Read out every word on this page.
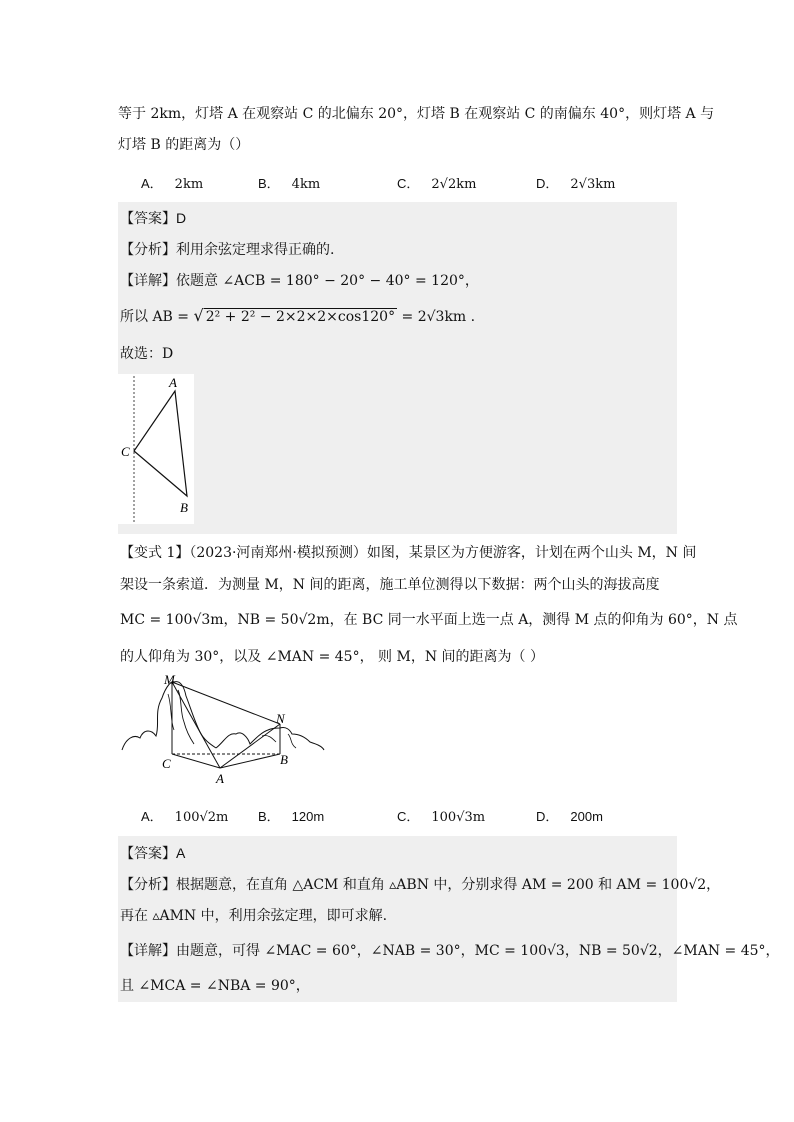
等于 2km，灯塔 A 在观察站 C 的北偏东 20°，灯塔 B 在观察站 C 的南偏东 40°，则灯塔 A 与
灯塔 B 的距离为（）
A． 2km	B． 4km	C． 2√2km	D． 2√3km
【答案】D
【分析】利用余弦定理求得正确的.
【详解】依题意 ∠ACB = 180° − 20° − 40° = 120°，
所以 AB = √ 2² + 2² − 2×2×2×cos120° = 2√3km .
故选：D
A
C
B
【变式 1】（2023·河南郑州·模拟预测）如图，某景区为方便游客，计划在两个山头 M，N 间
架设一条索道．为测量 M，N 间的距离，施工单位测得以下数据：两个山头的海拔高度
MC = 100√3m，NB = 50√2m，在 BC 同一水平面上选一点 A，测得 M 点的仰角为 60°，N 点
的人仰角为 30°，以及 ∠MAN = 45°， 则 M，N 间的距离为（ ）
M
N
C
A
B
A． 100√2m B． 120m	C． 100√3m	D． 200m
【答案】A
【分析】根据题意，在直角 △ACM 和直角 ▵ABN 中，分别求得 AM = 200 和 AM = 100√2，
再在 ▵AMN 中，利用余弦定理，即可求解.
【详解】由题意，可得 ∠MAC = 60°，∠NAB = 30°，MC = 100√3，NB = 50√2，∠MAN = 45°，
且 ∠MCA = ∠NBA = 90°，
